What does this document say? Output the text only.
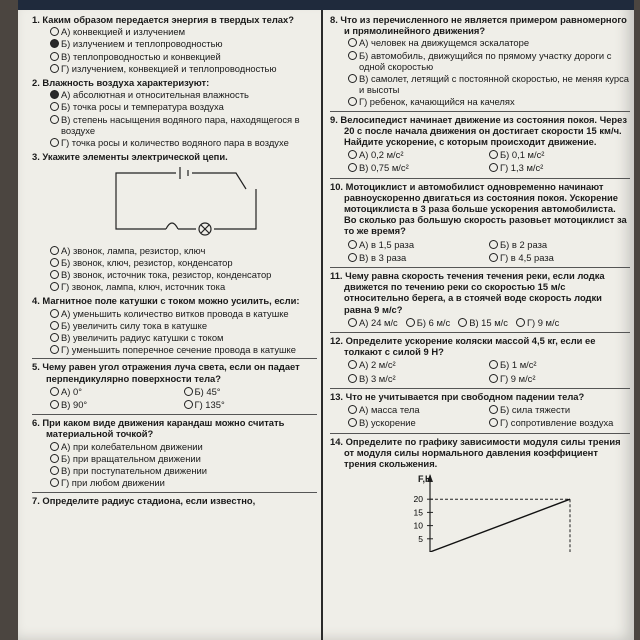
1. Каким образом передается энергия в твердых телах?
А) конвекцией и излучением
Б) излучением и теплопроводностью
В) теплопроводностью и конвекцией
Г) излучением, конвекцией и теплопроводностью
2. Влажность воздуха характеризуют:
А) абсолютная и относительная влажность
Б) точка росы и температура воздуха
В) степень насыщения водяного пара, находящегося в воздухе
Г) точка росы и количество водяного пара в воздухе
3. Укажите элементы электрической цепи.
А) звонок, лампа, резистор, ключ
Б) звонок, ключ, резистор, конденсатор
В) звонок, источник тока, резистор, конденсатор
Г) звонок, лампа, ключ, источник тока
4. Магнитное поле катушки с током можно усилить, если:
А) уменьшить количество витков провода в катушке
Б) увеличить силу тока в катушке
В) увеличить радиус катушки с током
Г) уменьшить поперечное сечение провода в катушке
5. Чему равен угол отражения луча света, если он падает перпендикулярно поверхности тела?
А) 0°	Б) 45°
В) 90°	Г) 135°
6. При каком виде движения карандаш можно считать материальной точкой?
А) при колебательном движении
Б) при вращательном движении
В) при поступательном движении
Г) при любом движении
7. Определите радиус стадиона, если известно,
8. Что из перечисленного не является примером равномерного и прямолинейного движения?
А) человек на движущемся эскалаторе
Б) автомобиль, движущийся по прямому участку дороги с одной скоростью
В) самолет, летящий с постоянной скоростью, не меняя курса и высоты
Г) ребенок, качающийся на качелях
9. Велосипедист начинает движение из состояния покоя. Через 20 с после начала движения он достигает скорости 15 км/ч. Найдите ускорение, с которым происходит движение.
А) 0,2 м/с²	Б) 0,1 м/с²
В) 0,75 м/с²	Г) 1,3 м/с²
10. Мотоциклист и автомобилист одновременно начинают равноускоренно двигаться из состояния покоя. Ускорение мотоциклиста в 3 раза больше ускорения автомобилиста. Во сколько раз большую скорость разовьет мотоциклист за то же время?
А) в 1,5 раза	Б) в 2 раза
В) в 3 раза	Г) в 4,5 раза
11. Чему равна скорость течения течения реки, если лодка движется по течению реки со скоростью 15 м/с относительно берега, а в стоячей воде скорость лодки равна 9 м/с?
А) 24 м/с Б) 6 м/с В) 15 м/с Г) 9 м/с
12. Определите ускорение коляски массой 4,5 кг, если ее толкают с силой 9 Н?
А) 2 м/с²	Б) 1 м/с²
В) 3 м/с²	Г) 9 м/с²
13. Что не учитывается при свободном падении тела?
А) масса тела	Б) сила тяжести
В) ускорение	Г) сопротивление воздуха
14. Определите по графику зависимости модуля силы трения от модуля силы нормального давления коэффициент трения скольжения.
F,Н
20
15
10
5
